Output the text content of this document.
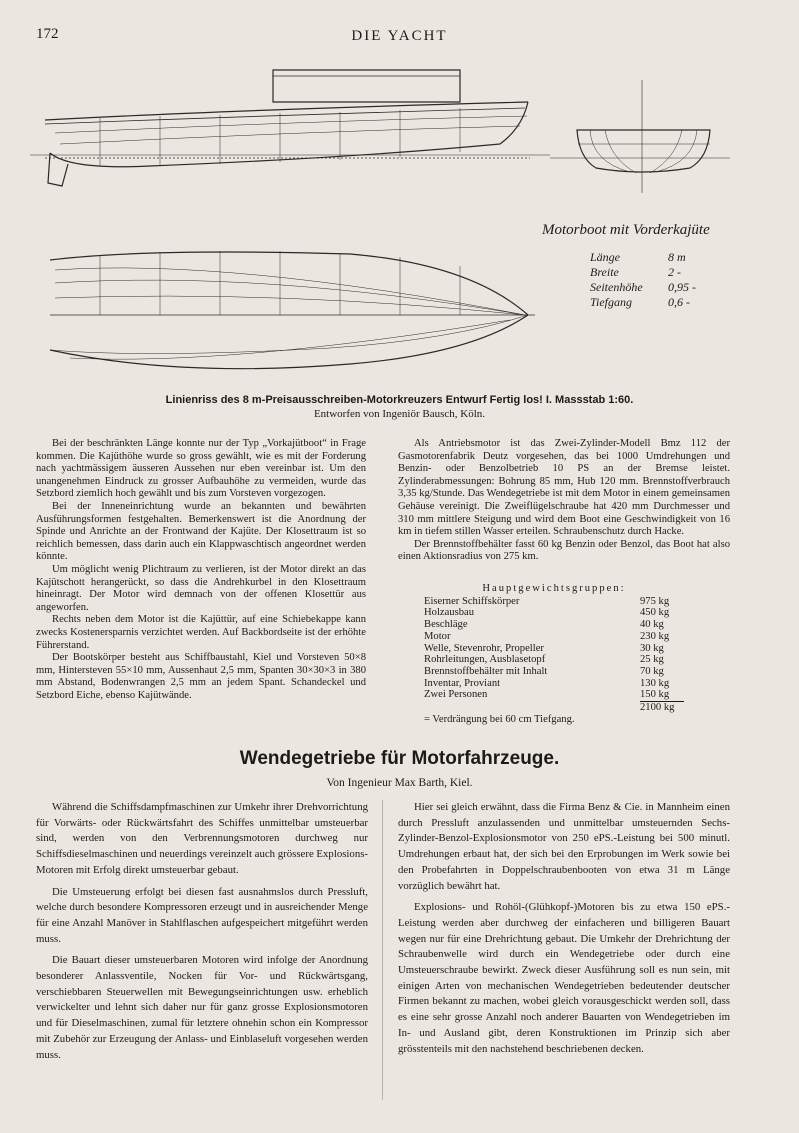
172	DIE YACHT
Motorboot mit Vorderkajüte
Länge	8 m
Breite	2 -
Seitenhöhe 0,95 -
Tiefgang	0,6 -
Linienriss des 8 m-Preisausschreiben-Motorkreuzers Entwurf Fertig los! I. Massstab 1:60.
Entworfen von Ingeniör Bausch, Köln.

Bei der beschränkten Länge konnte nur der Typ „Vorkajütboot“ in Frage kommen. Die Kajüthöhe wurde so gross gewählt, wie es mit der Forderung nach yachtmässigem äusseren Aussehen nur eben vereinbar ist. Um den unangenehmen Eindruck zu grosser Aufbauhöhe zu vermeiden, wurde das Setzbord ziemlich hoch gewählt und bis zum Vorsteven vorgezogen.

Bei der Inneneinrichtung wurde an bekannten und bewährten Ausführungsformen festgehalten. Bemerkenswert ist die Anordnung der Spinde und Anrichte an der Frontwand der Kajüte. Der Klosettraum ist so reichlich bemessen, dass darin auch ein Klappwaschtisch angeordnet werden könnte.

Um möglicht wenig Plichtraum zu verlieren, ist der Motor direkt an das Kajütschott herangerückt, so dass die Andrehkurbel in den Klosettraum hineinragt. Der Motor wird demnach von der offenen Klosettür aus angeworfen.

Rechts neben dem Motor ist die Kajüttür, auf eine Schiebekappe kann zwecks Kostenersparnis verzichtet werden. Auf Backbordseite ist der erhöhte Führerstand.

Der Bootskörper besteht aus Schiffbaustahl, Kiel und Vorsteven 50×8 mm, Hintersteven 55×10 mm, Aussenhaut 2,5 mm, Spanten 30×30×3 in 380 mm Abstand, Bodenwrangen 2,5 mm an jedem Spant. Schandeckel und Setzbord Eiche, ebenso Kajütwände.

Als Antriebsmotor ist das Zwei-Zylinder-Modell Bmz 112 der Gasmotorenfabrik Deutz vorgesehen, das bei 1000 Umdrehungen und Benzin- oder Benzolbetrieb 10 PS an der Bremse leistet. Zylinderabmessungen: Bohrung 85 mm, Hub 120 mm. Brennstoffverbrauch 3,35 kg/Stunde. Das Wendegetriebe ist mit dem Motor in einem gemeinsamen Gehäuse vereinigt. Die Zweiflügelschraube hat 420 mm Durchmesser und 310 mm mittlere Steigung und wird dem Boot eine Geschwindigkeit von 16 km in tiefem stillen Wasser erteilen. Schraubenschutz durch Hacke.

Der Brennstoffbehälter fasst 60 kg Benzin oder Benzol, das Boot hat also einen Aktionsradius von 275 km.

Hauptgewichtsgruppen:
Eiserner Schiffskörper	975 kg
Holzausbau	450 kg
Beschläge	40 kg
Motor	230 kg
Welle, Stevenrohr, Propeller	30 kg
Rohrleitungen, Ausblasetopf	25 kg
Brennstoffbehälter mit Inhalt	70 kg
Inventar, Proviant	130 kg
Zwei Personen	150 kg
2100 kg
= Verdrängung bei 60 cm Tiefgang.
Wendegetriebe für Motorfahrzeuge.
Von Ingenieur Max Barth, Kiel.

Während die Schiffsdampfmaschinen zur Umkehr ihrer Drehvorrichtung für Vorwärts- oder Rückwärtsfahrt des Schiffes unmittelbar umsteuerbar sind, werden von den Verbrennungsmotoren durchweg nur Schiffsdieselmaschinen und neuerdings vereinzelt auch grössere Explosions-Motoren mit Erfolg direkt umsteuerbar gebaut.

Die Umsteuerung erfolgt bei diesen fast ausnahmslos durch Pressluft, welche durch besondere Kompressoren erzeugt und in ausreichender Menge für eine Anzahl Manöver in Stahlflaschen aufgespeichert mitgeführt werden muss.

Die Bauart dieser umsteuerbaren Motoren wird infolge der Anordnung besonderer Anlassventile, Nocken für Vor- und Rückwärtsgang, verschiebbaren Steuerwellen mit Bewegungseinrichtungen usw. erheblich verwickelter und lehnt sich daher nur für ganz grosse Explosionsmotoren und für Dieselmaschinen, zumal für letztere ohnehin schon ein Kompressor mit Zubehör zur Erzeugung der Anlass- und Einblaseluft vorgesehen werden muss.

Hier sei gleich erwähnt, dass die Firma Benz & Cie. in Mannheim einen durch Pressluft anzulassenden und unmittelbar umsteuernden Sechs-Zylinder-Benzol-Explosionsmotor von 250 ePS.-Leistung bei 500 minutl. Umdrehungen erbaut hat, der sich bei den Erprobungen im Werk sowie bei den Probefahrten in Doppelschraubenbooten von etwa 31 m Länge vorzüglich bewährt hat.

Explosions- und Rohöl-(Glühkopf-)Motoren bis zu etwa 150 ePS.-Leistung werden aber durchweg der einfacheren und billigeren Bauart wegen nur für eine Drehrichtung gebaut. Die Umkehr der Drehrichtung der Schraubenwelle wird durch ein Wendegetriebe oder durch eine Umsteuerschraube bewirkt. Zweck dieser Ausführung soll es nun sein, mit einigen Arten von mechanischen Wendegetrieben bedeutender deutscher Firmen bekannt zu machen, wobei gleich vorausgeschickt werden soll, dass es eine sehr grosse Anzahl noch anderer Bauarten von Wendegetrieben im In- und Ausland gibt, deren Konstruktionen im Prinzip sich aber grösstenteils mit den nachstehend beschriebenen decken.
